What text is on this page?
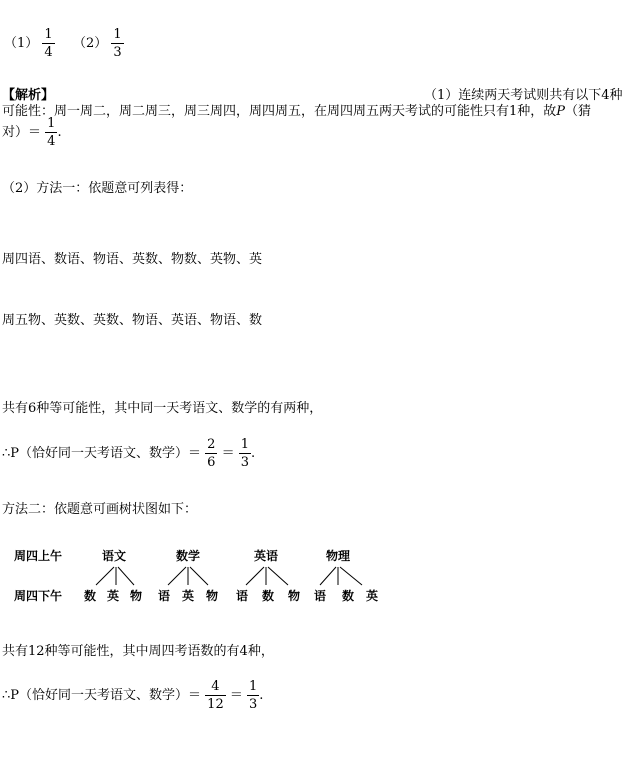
$(1) \frac{1}{4} (2) \frac{1}{3}$
【解析】	（1）连续两天考试则共有以下4种
可能性：周一周二，周二周三，周三周四，周四周五，在周四周五两天考试的可能性只有1种，故P（猜
对）＝ $\frac{1}{4}$ .
（2）方法一：依题意可列表得：
周四语、数语、物语、英数、物数、英物、英
周五物、英数、英数、物语、英语、物语、数
共有6种等可能性，其中同一天考语文、数学的有两种，
∴P（恰好同一天考语文、数学）＝ $\frac{2}{6} = \frac{1}{3}$ .
方法二：依题意可画树状图如下：
周四上午
周四下午
语文
数 英 物
数学
语 英 物
英语
语 数 物
物理
语 数 英
共有12种等可能性，其中周四考语数的有4种，
∴P（恰好同一天考语文、数学）＝ $\frac{4}{12} = \frac{1}{3}$ .
